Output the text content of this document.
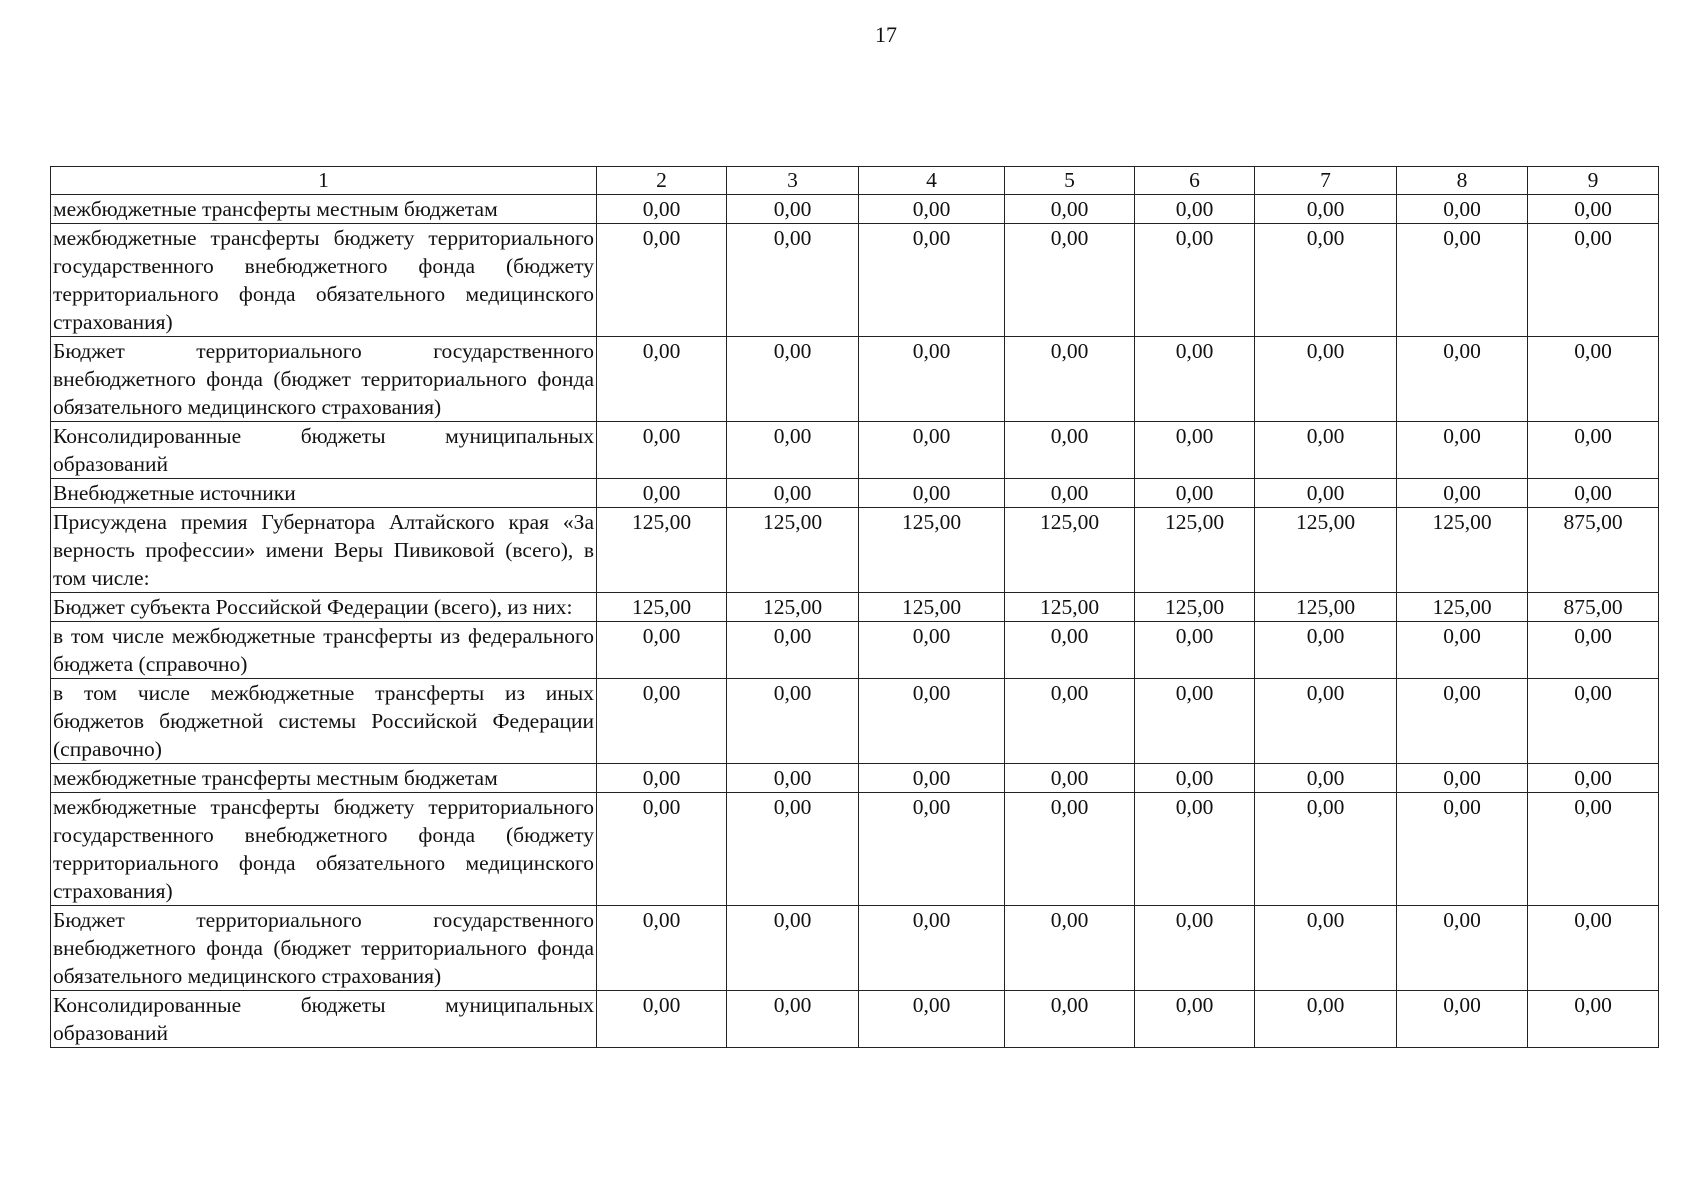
17
1	2	3	4	5	6	7	8	9
межбюджетные трансферты местным бюджетам	0,00	0,00	0,00	0,00	0,00	0,00	0,00	0,00
межбюджетные трансферты бюджету территориального государственного внебюджетного фонда (бюджету территориального фонда обязательного медицинского страхования)	0,00	0,00	0,00	0,00	0,00	0,00	0,00	0,00
Бюджет территориального государственного внебюджетного фонда (бюджет территориального фонда обязательного медицинского страхования)	0,00	0,00	0,00	0,00	0,00	0,00	0,00	0,00
Консолидированные бюджеты муниципальных образований	0,00	0,00	0,00	0,00	0,00	0,00	0,00	0,00
Внебюджетные источники	0,00	0,00	0,00	0,00	0,00	0,00	0,00	0,00
Присуждена премия Губернатора Алтайского края «За верность профессии» имени Веры Пивиковой (всего), в том числе:	125,00	125,00	125,00	125,00	125,00	125,00	125,00	875,00
Бюджет субъекта Российской Федерации (всего), из них:	125,00	125,00	125,00	125,00	125,00	125,00	125,00	875,00
в том числе межбюджетные трансферты из федерального бюджета (справочно)	0,00	0,00	0,00	0,00	0,00	0,00	0,00	0,00
в том числе межбюджетные трансферты из иных бюджетов бюджетной системы Российской Федерации (справочно)	0,00	0,00	0,00	0,00	0,00	0,00	0,00	0,00
межбюджетные трансферты местным бюджетам	0,00	0,00	0,00	0,00	0,00	0,00	0,00	0,00
межбюджетные трансферты бюджету территориального государственного внебюджетного фонда (бюджету территориального фонда обязательного медицинского страхования)	0,00	0,00	0,00	0,00	0,00	0,00	0,00	0,00
Бюджет территориального государственного внебюджетного фонда (бюджет территориального фонда обязательного медицинского страхования)	0,00	0,00	0,00	0,00	0,00	0,00	0,00	0,00
Консолидированные бюджеты муниципальных образований	0,00	0,00	0,00	0,00	0,00	0,00	0,00	0,00
